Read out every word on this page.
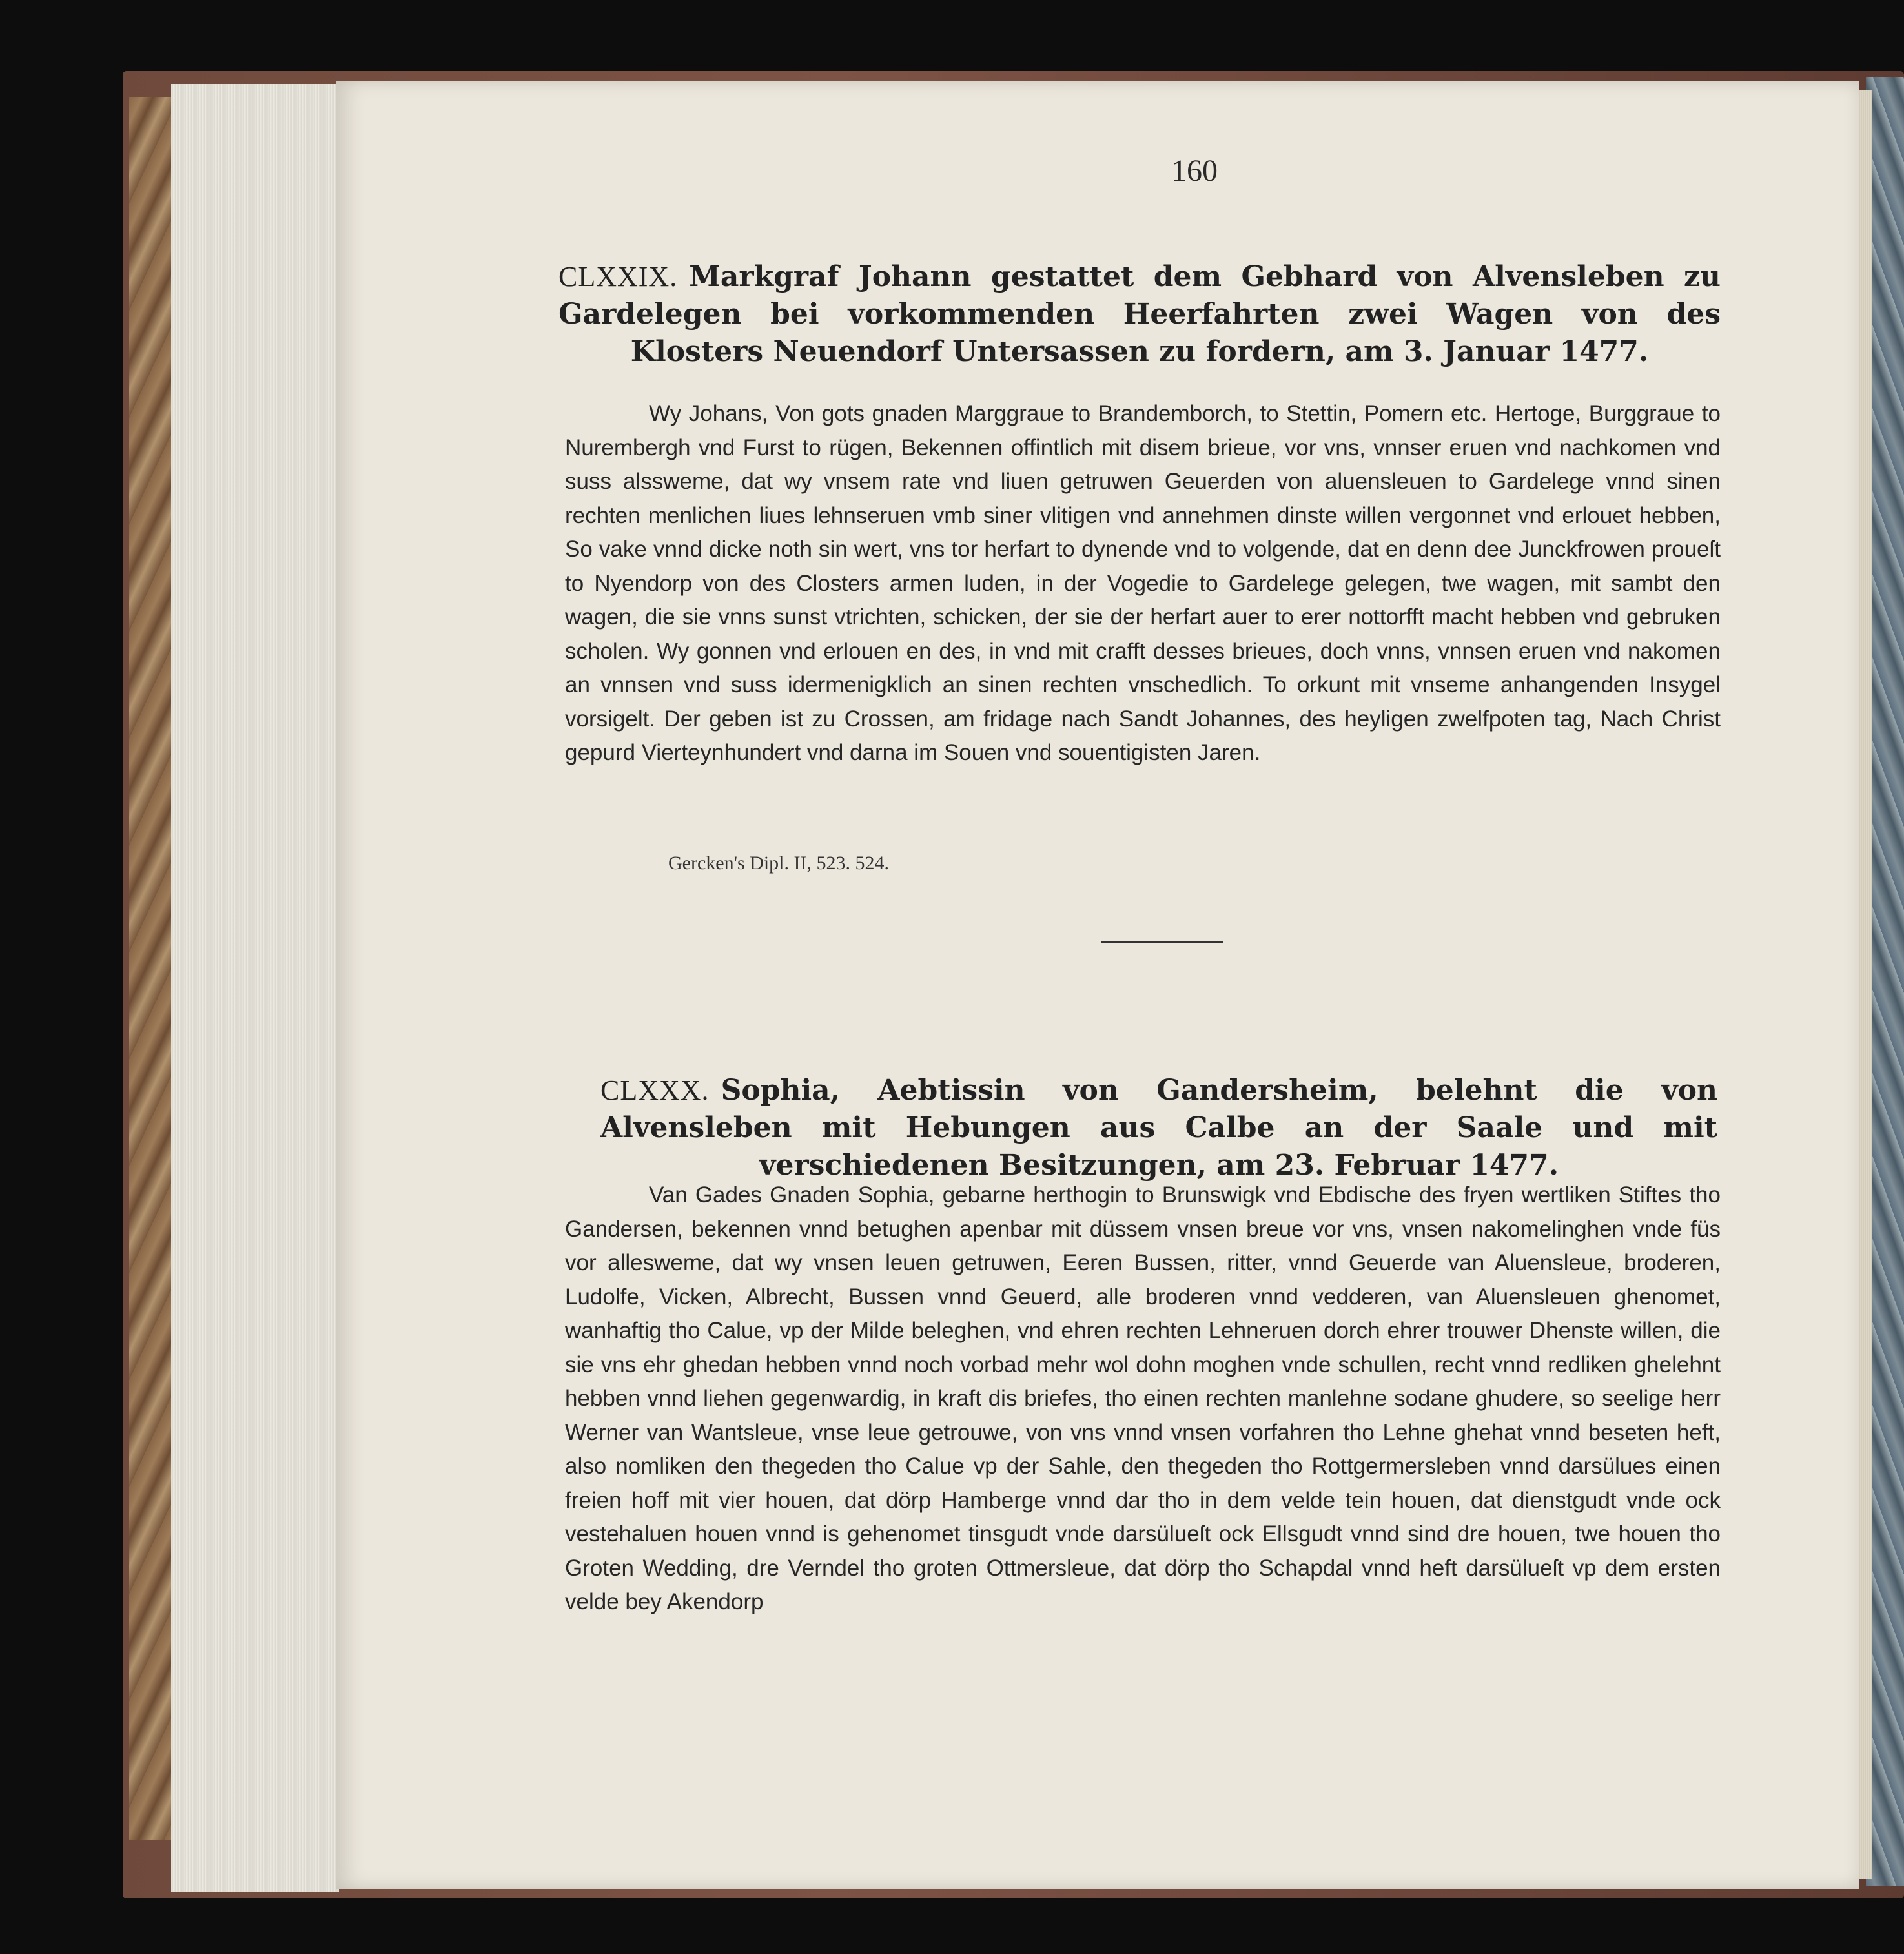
160
CLXXIX. Markgraf Johann gestattet dem Gebhard von Alvensleben zu Gardelegen bei vorkommenden Heerfahrten zwei Wagen von des Klosters Neuendorf Untersassen zu fordern, am 3. Januar 1477.
Wy Johans, Von gots gnaden Marggraue to Brandemborch, to Stettin, Pomern etc. Hertoge, Burggraue to Nurembergh vnd Furst to rügen, Bekennen offintlich mit disem brieue, vor vns, vnnser eruen vnd nachkomen vnd suss alssweme, dat wy vnsem rate vnd liuen getruwen Geuerden von aluensleuen to Gardelege vnnd sinen rechten menlichen liues lehnseruen vmb siner vlitigen vnd annehmen dinste willen vergonnet vnd erlouet hebben, So vake vnnd dicke noth sin wert, vns tor herfart to dynende vnd to volgende, dat en denn dee Junckfrowen proueſt to Nyendorp von des Closters armen luden, in der Vogedie to Gardelege gelegen, twe wagen, mit sambt den wagen, die sie vnns sunst vtrichten, schicken, der sie der herfart auer to erer nottorfft macht hebben vnd gebruken scholen. Wy gonnen vnd erlouen en des, in vnd mit crafft desses brieues, doch vnns, vnnsen eruen vnd nakomen an vnnsen vnd suss idermenigklich an sinen rechten vnschedlich. To orkunt mit vnseme anhangenden Insygel vorsigelt. Der geben ist zu Crossen, am fridage nach Sandt Johannes, des heyligen zwelfpoten tag, Nach Christ gepurd Vierteynhundert vnd darna im Souen vnd souentigisten Jaren.
Gercken's Dipl. II, 523. 524.
CLXXX. Sophia, Aebtissin von Gandersheim, belehnt die von Alvensleben mit Hebungen aus Calbe an der Saale und mit verschiedenen Besitzungen, am 23. Februar 1477.
Van Gades Gnaden Sophia, gebarne herthogin to Brunswigk vnd Ebdische des fryen wertliken Stiftes tho Gandersen, bekennen vnnd betughen apenbar mit düssem vnsen breue vor vns, vnsen nakomelinghen vnde füs vor allesweme, dat wy vnsen leuen getruwen, Eeren Bussen, ritter, vnnd Geuerde van Aluensleue, broderen, Ludolfe, Vicken, Albrecht, Bussen vnnd Geuerd, alle broderen vnnd vedderen, van Aluensleuen ghenomet, wanhaftig tho Calue, vp der Milde beleghen, vnd ehren rechten Lehneruen dorch ehrer trouwer Dhenste willen, die sie vns ehr ghedan hebben vnnd noch vorbad mehr wol dohn moghen vnde schullen, recht vnnd redliken ghelehnt hebben vnnd liehen gegenwardig, in kraft dis briefes, tho einen rechten manlehne sodane ghudere, so seelige herr Werner van Wantsleue, vnse leue getrouwe, von vns vnnd vnsen vorfahren tho Lehne ghehat vnnd beseten heft, also nomliken den thegeden tho Calue vp der Sahle, den thegeden tho Rottgermersleben vnnd darsülues einen freien hoff mit vier houen, dat dörp Hamberge vnnd dar tho in dem velde tein houen, dat dienstgudt vnde ock vestehaluen houen vnnd is gehenomet tinsgudt vnde darsülueſt ock Ellsgudt vnnd sind dre houen, twe houen tho Groten Wedding, dre Verndel tho groten Ottmersleue, dat dörp tho Schapdal vnnd heft darsülueſt vp dem ersten velde bey Akendorp
